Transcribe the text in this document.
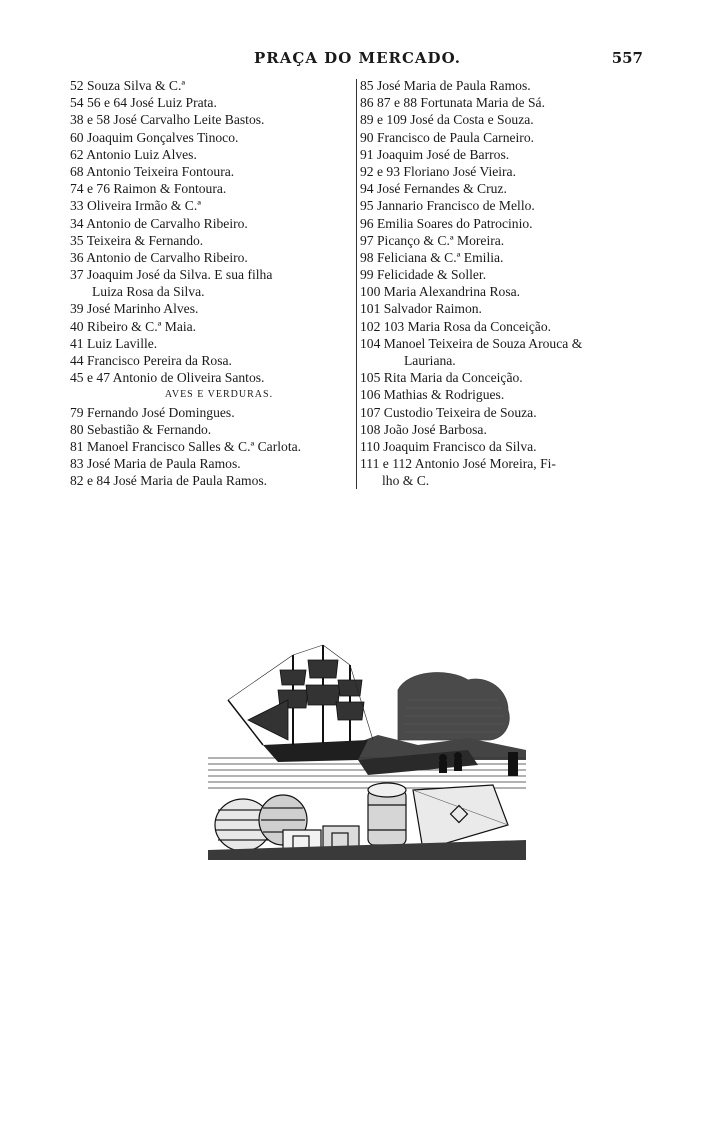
PRAÇA DO MERCADO.	557
52 Souza Silva & C.ª
54 56 e 64 José Luiz Prata.
38 e 58 José Carvalho Leite Bastos.
60 Joaquim Gonçalves Tinoco.
62 Antonio Luiz Alves.
68 Antonio Teixeira Fontoura.
74 e 76 Raimon & Fontoura.
33 Oliveira Irmão & C.ª
34 Antonio de Carvalho Ribeiro.
35 Teixeira & Fernando.
36 Antonio de Carvalho Ribeiro.
37 Joaquim José da Silva. E sua filha
Luiza Rosa da Silva.
39 José Marinho Alves.
40 Ribeiro & C.ª Maia.
41 Luiz Laville.
44 Francisco Pereira da Rosa.
45 e 47 Antonio de Oliveira Santos.
AVES E VERDURAS.
79 Fernando José Domingues.
80 Sebastião & Fernando.
81 Manoel Francisco Salles & C.ª Carlota.
83 José Maria de Paula Ramos.
82 e 84 José Maria de Paula Ramos.
85 José Maria de Paula Ramos.
86 87 e 88 Fortunata Maria de Sá.
89 e 109 José da Costa e Souza.
90 Francisco de Paula Carneiro.
91 Joaquim José de Barros.
92 e 93 Floriano José Vieira.
94 José Fernandes & Cruz.
95 Jannario Francisco de Mello.
96 Emilia Soares do Patrocinio.
97 Picanço & C.ª Moreira.
98 Feliciana & C.ª Emilia.
99 Felicidade & Soller.
100 Maria Alexandrina Rosa.
101 Salvador Raimon.
102 103 Maria Rosa da Conceição.
104 Manoel Teixeira de Souza Arouca &
Lauriana.
105 Rita Maria da Conceição.
106 Mathias & Rodrigues.
107 Custodio Teixeira de Souza.
108 João José Barbosa.
110 Joaquim Francisco da Silva.
111 e 112 Antonio José Moreira, Fi-
lho & C.
